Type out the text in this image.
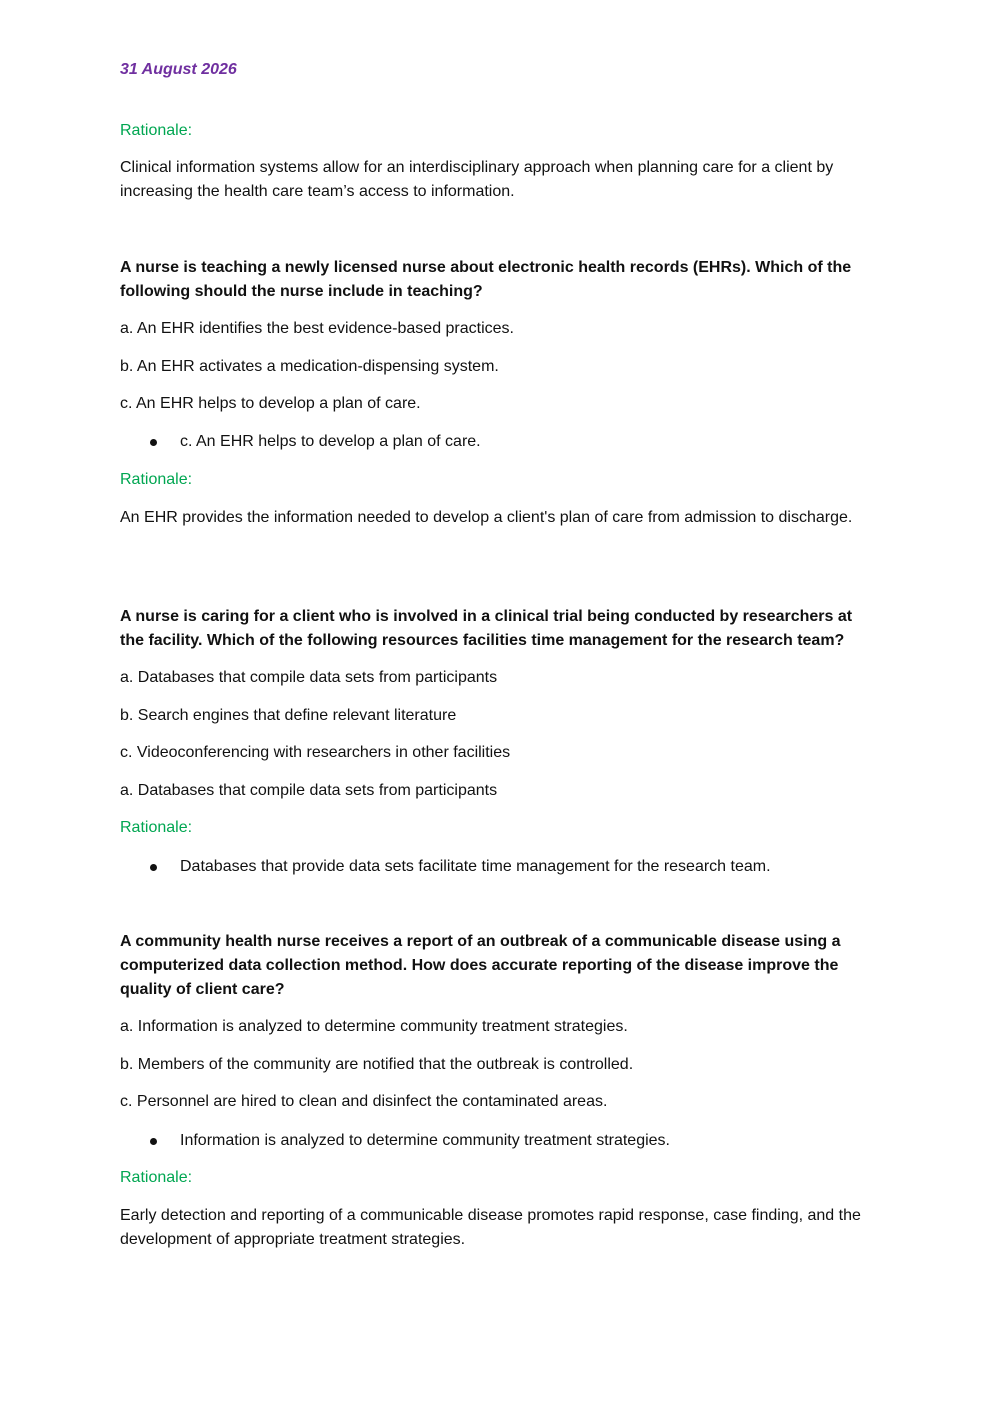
31 August 2026

Rationale:

Clinical information systems allow for an interdisciplinary approach when planning care for a client by increasing the health care team’s access to information.

A nurse is teaching a newly licensed nurse about electronic health records (EHRs). Which of the following should the nurse include in teaching?

a. An EHR identifies the best evidence-based practices.

b. An EHR activates a medication-dispensing system.

c. An EHR helps to develop a plan of care.

c. An EHR helps to develop a plan of care.

Rationale:

An EHR provides the information needed to develop a client's plan of care from admission to discharge.

A nurse is caring for a client who is involved in a clinical trial being conducted by researchers at the facility. Which of the following resources facilities time management for the research team?

a. Databases that compile data sets from participants

b. Search engines that define relevant literature

c. Videoconferencing with researchers in other facilities

a. Databases that compile data sets from participants

Rationale:

Databases that provide data sets facilitate time management for the research team.

A community health nurse receives a report of an outbreak of a communicable disease using a computerized data collection method. How does accurate reporting of the disease improve the quality of client care?

a. Information is analyzed to determine community treatment strategies.

b. Members of the community are notified that the outbreak is controlled.

c. Personnel are hired to clean and disinfect the contaminated areas.

Information is analyzed to determine community treatment strategies.

Rationale:

Early detection and reporting of a communicable disease promotes rapid response, case finding, and the development of appropriate treatment strategies.
